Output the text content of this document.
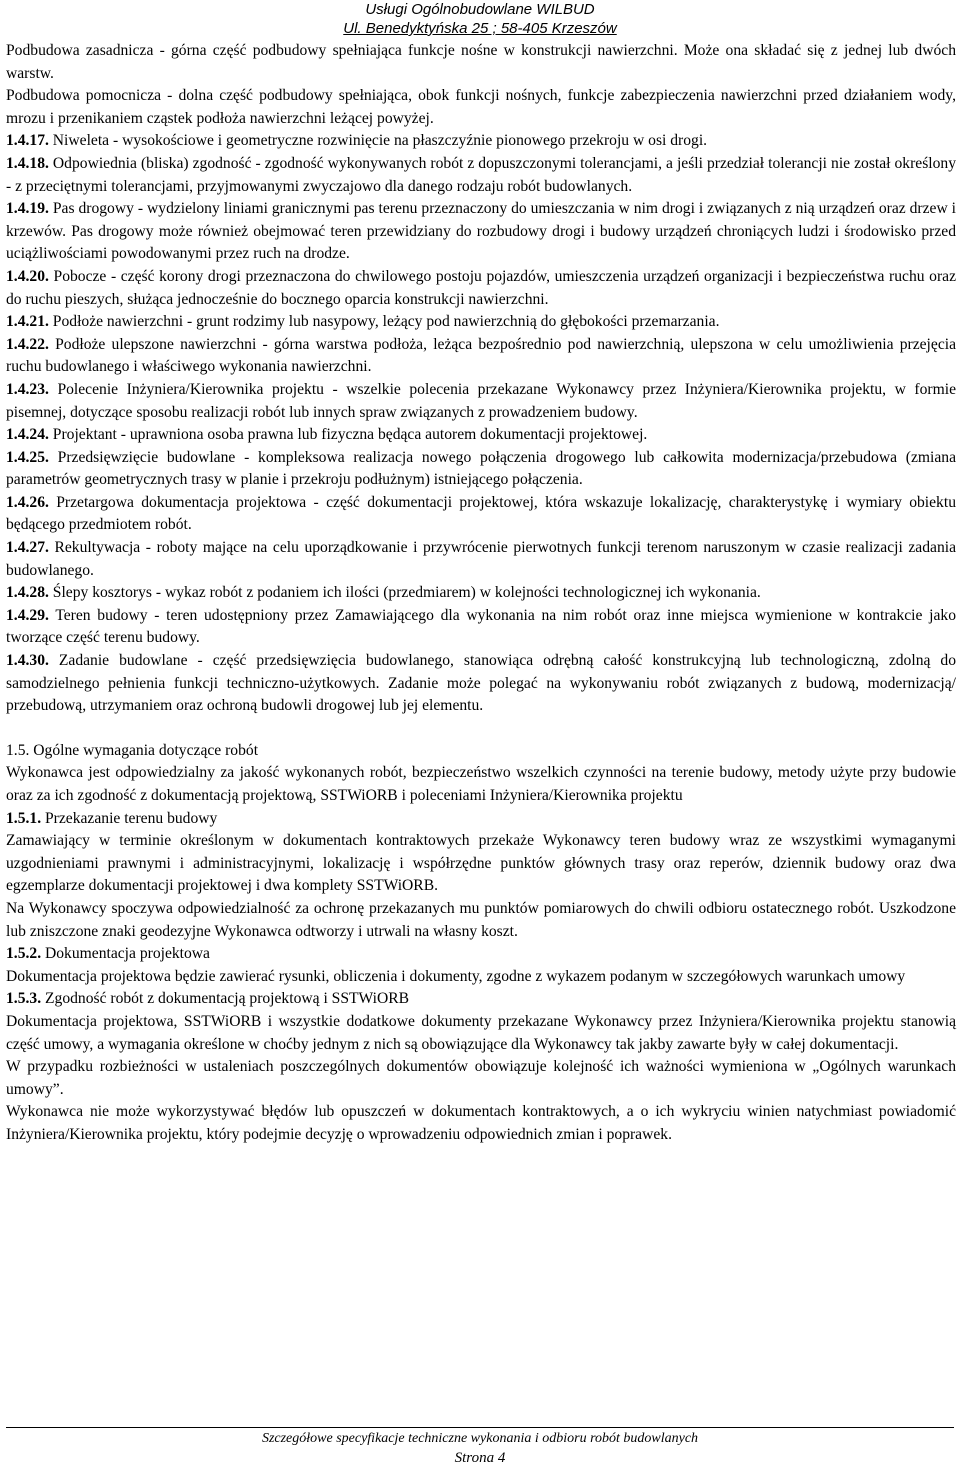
Usługi Ogólnobudowlane WILBUD
Ul. Benedyktyńska 25 ; 58-405 Krzeszów

Podbudowa zasadnicza - górna część podbudowy spełniająca funkcje nośne w konstrukcji nawierzchni. Może ona składać się z jednej lub dwóch warstw.

Podbudowa pomocnicza - dolna część podbudowy spełniająca, obok funkcji nośnych, funkcje zabezpieczenia nawierzchni przed działaniem wody, mrozu i przenikaniem cząstek podłoża nawierzchni leżącej powyżej.

1.4.17. Niweleta - wysokościowe i geometryczne rozwinięcie na płaszczyźnie pionowego przekroju w osi drogi.

1.4.18. Odpowiednia (bliska) zgodność - zgodność wykonywanych robót z dopuszczonymi tolerancjami, a jeśli przedział tolerancji nie został określony - z przeciętnymi tolerancjami, przyjmowanymi zwyczajowo dla danego rodzaju robót budowlanych.

1.4.19. Pas drogowy - wydzielony liniami granicznymi pas terenu przeznaczony do umieszczania w nim drogi i związanych z nią urządzeń oraz drzew i krzewów. Pas drogowy może również obejmować teren przewidziany do rozbudowy drogi i budowy urządzeń chroniących ludzi i środowisko przed uciążliwościami powodowanymi przez ruch na drodze.

1.4.20. Pobocze - część korony drogi przeznaczona do chwilowego postoju pojazdów, umieszczenia urządzeń organizacji i bezpieczeństwa ruchu oraz do ruchu pieszych, służąca jednocześnie do bocznego oparcia konstrukcji nawierzchni.

1.4.21. Podłoże nawierzchni - grunt rodzimy lub nasypowy, leżący pod nawierzchnią do głębokości przemarzania.

1.4.22. Podłoże ulepszone nawierzchni - górna warstwa podłoża, leżąca bezpośrednio pod nawierzchnią, ulepszona w celu umożliwienia przejęcia ruchu budowlanego i właściwego wykonania nawierzchni.

1.4.23. Polecenie Inżyniera/Kierownika projektu - wszelkie polecenia przekazane Wykonawcy przez Inżyniera/Kierownika projektu, w formie pisemnej, dotyczące sposobu realizacji robót lub innych spraw związanych z prowadzeniem budowy.

1.4.24. Projektant - uprawniona osoba prawna lub fizyczna będąca autorem dokumentacji projektowej.

1.4.25. Przedsięwzięcie budowlane - kompleksowa realizacja nowego połączenia drogowego lub całkowita modernizacja/przebudowa (zmiana parametrów geometrycznych trasy w planie i przekroju podłużnym) istniejącego połączenia.

1.4.26. Przetargowa dokumentacja projektowa - część dokumentacji projektowej, która wskazuje lokalizację, charakterystykę i wymiary obiektu będącego przedmiotem robót.

1.4.27. Rekultywacja - roboty mające na celu uporządkowanie i przywrócenie pierwotnych funkcji terenom naruszonym w czasie realizacji zadania budowlanego.

1.4.28. Ślepy kosztorys - wykaz robót z podaniem ich ilości (przedmiarem) w kolejności technologicznej ich wykonania.

1.4.29. Teren budowy - teren udostępniony przez Zamawiającego dla wykonania na nim robót oraz inne miejsca wymienione w kontrakcie jako tworzące część terenu budowy.

1.4.30. Zadanie budowlane - część przedsięwzięcia budowlanego, stanowiąca odrębną całość konstrukcyjną lub technologiczną, zdolną do samodzielnego pełnienia funkcji techniczno-użytkowych. Zadanie może polegać na wykonywaniu robót związanych z budową, modernizacją/ przebudową, utrzymaniem oraz ochroną budowli drogowej lub jej elementu.

1.5. Ogólne wymagania dotyczące robót

Wykonawca jest odpowiedzialny za jakość wykonanych robót, bezpieczeństwo wszelkich czynności na terenie budowy, metody użyte przy budowie oraz za ich zgodność z dokumentacją projektową, SSTWiORB i poleceniami Inżyniera/Kierownika projektu

1.5.1. Przekazanie terenu budowy

Zamawiający w terminie określonym w dokumentach kontraktowych przekaże Wykonawcy teren budowy wraz ze wszystkimi wymaganymi uzgodnieniami prawnymi i administracyjnymi, lokalizację i współrzędne punktów głównych trasy oraz reperów, dziennik budowy oraz dwa egzemplarze dokumentacji projektowej i dwa komplety SSTWiORB.

Na Wykonawcy spoczywa odpowiedzialność za ochronę przekazanych mu punktów pomiarowych do chwili odbioru ostatecznego robót. Uszkodzone lub zniszczone znaki geodezyjne Wykonawca odtworzy i utrwali na własny koszt.

1.5.2. Dokumentacja projektowa

Dokumentacja projektowa będzie zawierać rysunki, obliczenia i dokumenty, zgodne z wykazem podanym w szczegółowych warunkach umowy

1.5.3. Zgodność robót z dokumentacją projektową i SSTWiORB

Dokumentacja projektowa, SSTWiORB i wszystkie dodatkowe dokumenty przekazane Wykonawcy przez Inżyniera/Kierownika projektu stanowią część umowy, a wymagania określone w choćby jednym z nich są obowiązujące dla Wykonawcy tak jakby zawarte były w całej dokumentacji.

W przypadku rozbieżności w ustaleniach poszczególnych dokumentów obowiązuje kolejność ich ważności wymieniona w „Ogólnych warunkach umowy”.

Wykonawca nie może wykorzystywać błędów lub opuszczeń w dokumentach kontraktowych, a o ich wykryciu winien natychmiast powiadomić Inżyniera/Kierownika projektu, który podejmie decyzję o wprowadzeniu odpowiednich zmian i poprawek.

Szczegółowe specyfikacje techniczne wykonania i odbioru robót budowlanych
Strona 4
